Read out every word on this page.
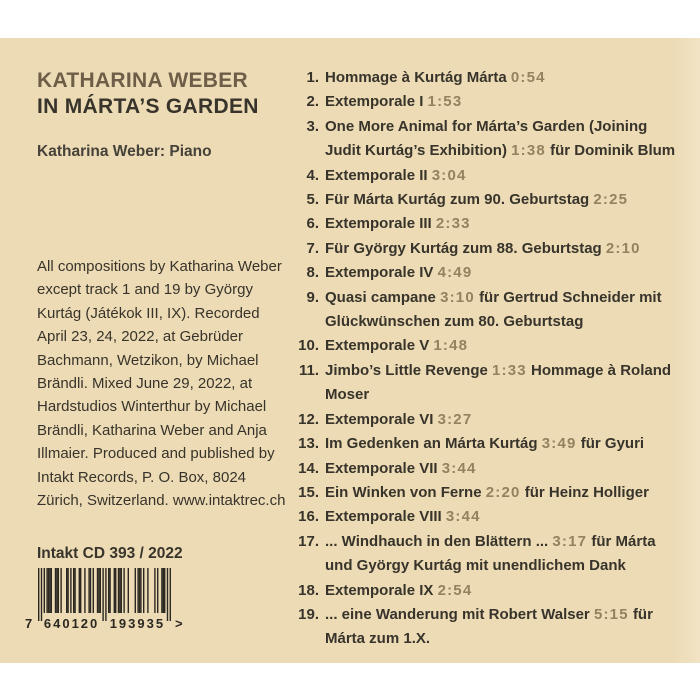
KATHARINA WEBER
IN MÁRTA’S GARDEN
Katharina Weber: Piano

All compositions by Katharina Weber except track 1 and 19 by György Kurtág (Játékok III, IX). Recorded April 23, 24, 2022, at Gebrüder Bachmann, Wetzikon, by Michael Brändli. Mixed June 29, 2022, at Hardstudios Winterthur by Michael Brändli, Katharina Weber and Anja Illmaier. Produced and published by Intakt Records, P. O. Box, 8024 Zürich, Switzerland. www.intaktrec.ch

Intakt CD 393 / 2022
7 640120 193935 >
1. Hommage à Kurtág Márta 0:54
2. Extemporale I 1:53
3. One More Animal for Márta’s Garden (Joining Judit Kurtág’s Exhibition) 1:38 für Dominik Blum
4. Extemporale II 3:04
5. Für Márta Kurtág zum 90. Geburtstag 2:25
6. Extemporale III 2:33
7. Für György Kurtág zum 88. Geburtstag 2:10
8. Extemporale IV 4:49
9. Quasi campane 3:10 für Gertrud Schneider mit Glückwünschen zum 80. Geburtstag
10. Extemporale V 1:48
11. Jimbo’s Little Revenge 1:33 Hommage à Roland Moser
12. Extemporale VI 3:27
13. Im Gedenken an Márta Kurtág 3:49 für Gyuri
14. Extemporale VII 3:44
15. Ein Winken von Ferne 2:20 für Heinz Holliger
16. Extemporale VIII 3:44
17. ... Windhauch in den Blättern ... 3:17 für Márta und György Kurtág mit unendlichem Dank
18. Extemporale IX 2:54
19. ... eine Wanderung mit Robert Walser 5:15 für Márta zum 1.X.
